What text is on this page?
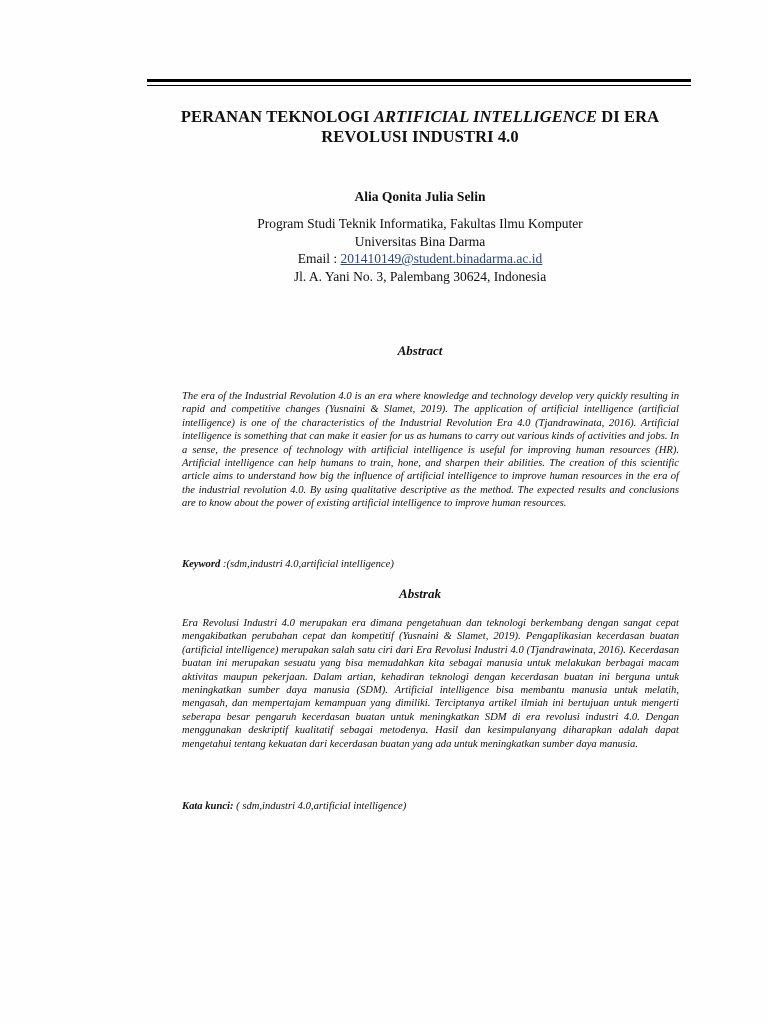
PERANAN TEKNOLOGI ARTIFICIAL INTELLIGENCE DI ERA
REVOLUSI INDUSTRI 4.0
Alia Qonita Julia Selin
Program Studi Teknik Informatika, Fakultas Ilmu Komputer
Universitas Bina Darma
Email : 201410149@student.binadarma.ac.id
Jl. A. Yani No. 3, Palembang 30624, Indonesia
Abstract
The era of the Industrial Revolution 4.0 is an era where knowledge and technology develop very quickly resulting in rapid and competitive changes (Yusnaini & Slamet, 2019). The application of artificial intelligence (artificial intelligence) is one of the characteristics of the Industrial Revolution Era 4.0 (Tjandrawinata, 2016). Artificial intelligence is something that can make it easier for us as humans to carry out various kinds of activities and jobs. In a sense, the presence of technology with artificial intelligence is useful for improving human resources (HR). Artificial intelligence can help humans to train, hone, and sharpen their abilities. The creation of this scientific article aims to understand how big the influence of artificial intelligence to improve human resources in the era of the industrial revolution 4.0. By using qualitative descriptive as the method. The expected results and conclusions are to know about the power of existing artificial intelligence to improve human resources.
Keyword :(sdm,industri 4.0,artificial intelligence)
Abstrak
Era Revolusi Industri 4.0 merupakan era dimana pengetahuan dan teknologi berkembang dengan sangat cepat mengakibatkan perubahan cepat dan kompetitif (Yusnaini & Slamet, 2019). Pengaplikasian kecerdasan buatan (artificial intelligence) merupakan salah satu ciri dari Era Revolusi Industri 4.0 (Tjandrawinata, 2016). Kecerdasan buatan ini merupakan sesuatu yang bisa memudahkan kita sebagai manusia untuk melakukan berbagai macam aktivitas maupun pekerjaan. Dalam artian, kehadiran teknologi dengan kecerdasan buatan ini berguna untuk meningkatkan sumber daya manusia (SDM). Artificial intelligence bisa membantu manusia untuk melatih, mengasah, dan mempertajam kemampuan yang dimiliki. Terciptanya artikel ilmiah ini bertujuan untuk mengerti seberapa besar pengaruh kecerdasan buatan untuk meningkatkan SDM di era revolusi industri 4.0. Dengan menggunakan deskriptif kualitatif sebagai metodenya. Hasil dan kesimpulanyang diharapkan adalah dapat mengetahui tentang kekuatan dari kecerdasan buatan yang ada untuk meningkatkan sumber daya manusia.
Kata kunci: ( sdm,industri 4.0,artificial intelligence)
